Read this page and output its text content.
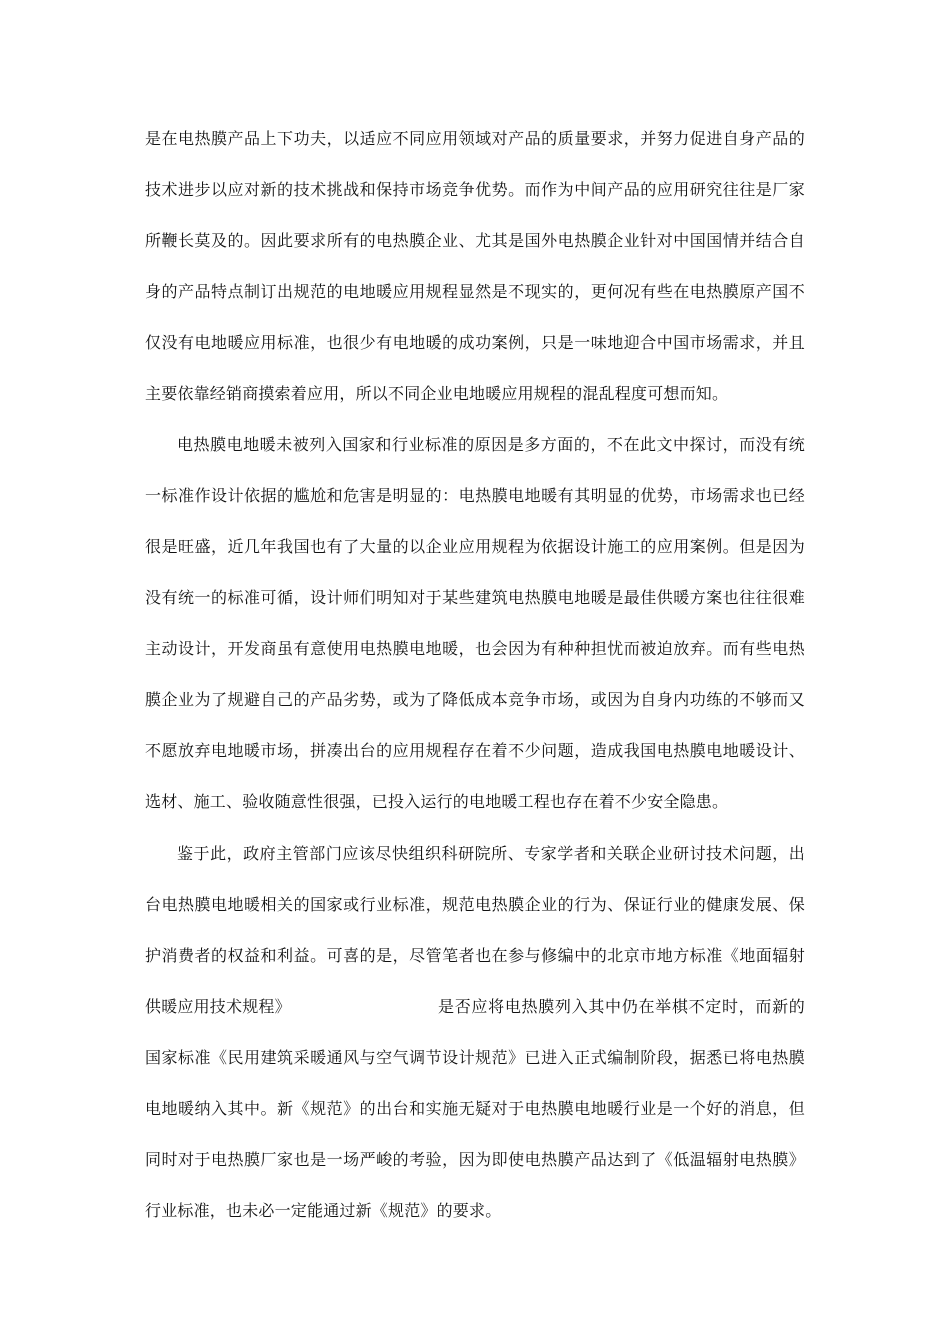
是在电热膜产品上下功夫，以适应不同应用领域对产品的质量要求，并努力促进自身产品的
技术进步以应对新的技术挑战和保持市场竞争优势。而作为中间产品的应用研究往往是厂家
所鞭长莫及的。因此要求所有的电热膜企业、尤其是国外电热膜企业针对中国国情并结合自
身的产品特点制订出规范的电地暖应用规程显然是不现实的，更何况有些在电热膜原产国不
仅没有电地暖应用标准，也很少有电地暖的成功案例，只是一味地迎合中国市场需求，并且
主要依靠经销商摸索着应用，所以不同企业电地暖应用规程的混乱程度可想而知。
电热膜电地暖未被列入国家和行业标准的原因是多方面的，不在此文中探讨，而没有统
一标准作设计依据的尴尬和危害是明显的：电热膜电地暖有其明显的优势，市场需求也已经
很是旺盛，近几年我国也有了大量的以企业应用规程为依据设计施工的应用案例。但是因为
没有统一的标准可循，设计师们明知对于某些建筑电热膜电地暖是最佳供暖方案也往往很难
主动设计，开发商虽有意使用电热膜电地暖，也会因为有种种担忧而被迫放弃。而有些电热
膜企业为了规避自己的产品劣势，或为了降低成本竞争市场，或因为自身内功练的不够而又
不愿放弃电地暖市场，拼凑出台的应用规程存在着不少问题，造成我国电热膜电地暖设计、
选材、施工、验收随意性很强，已投入运行的电地暖工程也存在着不少安全隐患。
鉴于此，政府主管部门应该尽快组织科研院所、专家学者和关联企业研讨技术问题，出
台电热膜电地暖相关的国家或行业标准，规范电热膜企业的行为、保证行业的健康发展、保
护消费者的权益和利益。可喜的是，尽管笔者也在参与修编中的北京市地方标准《地面辐射
供暖应用技术规程》	是否应将电热膜列入其中仍在举棋不定时，而新的
国家标准《民用建筑采暖通风与空气调节设计规范》已进入正式编制阶段，据悉已将电热膜
电地暖纳入其中。新《规范》的出台和实施无疑对于电热膜电地暖行业是一个好的消息，但
同时对于电热膜厂家也是一场严峻的考验，因为即使电热膜产品达到了《低温辐射电热膜》
行业标准，也未必一定能通过新《规范》的要求。
